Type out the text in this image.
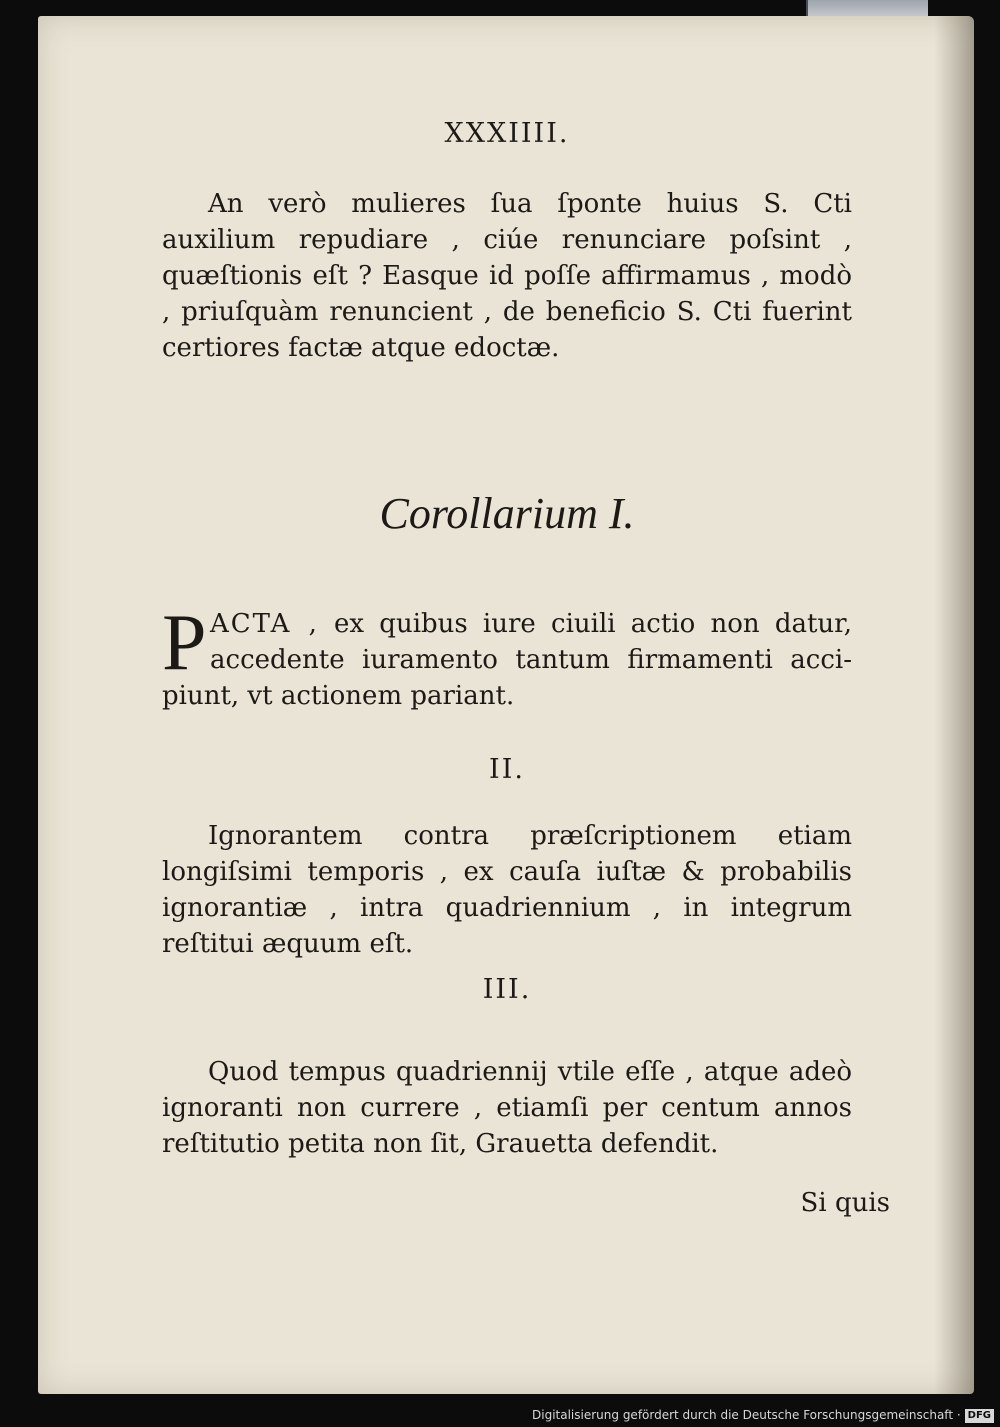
XXXIIII.
An verò mulieres ſua ſponte huius S. Cti auxilium repudiare , ciúe renunciare poſsint , quæſtionis eſt ? Easque id poſſe affirmamus , modò , priuſquàm renuncient , de beneficio S. Cti fuerint certiores factæ atque edoctæ.
Corollarium I.
P ACTA , ex quibus iure ciuili actio non datur,
accedente iuramento tantum firmamenti acci-
piunt, vt actionem pariant.
II.
Ignorantem contra præſcriptionem etiam longiſsimi temporis , ex cauſa iuſtæ & probabilis ignorantiæ , intra quadriennium , in integrum reſtitui æquum eſt.
III.
Quod tempus quadriennij vtile eſſe , atque adeò ignoranti non currere , etiamſi per centum annos reſtitutio petita non ſit, Grauetta defendit.
Si quis
Digitalisierung gefördert durch die Deutsche Forschungsgemeinschaft · DFG
